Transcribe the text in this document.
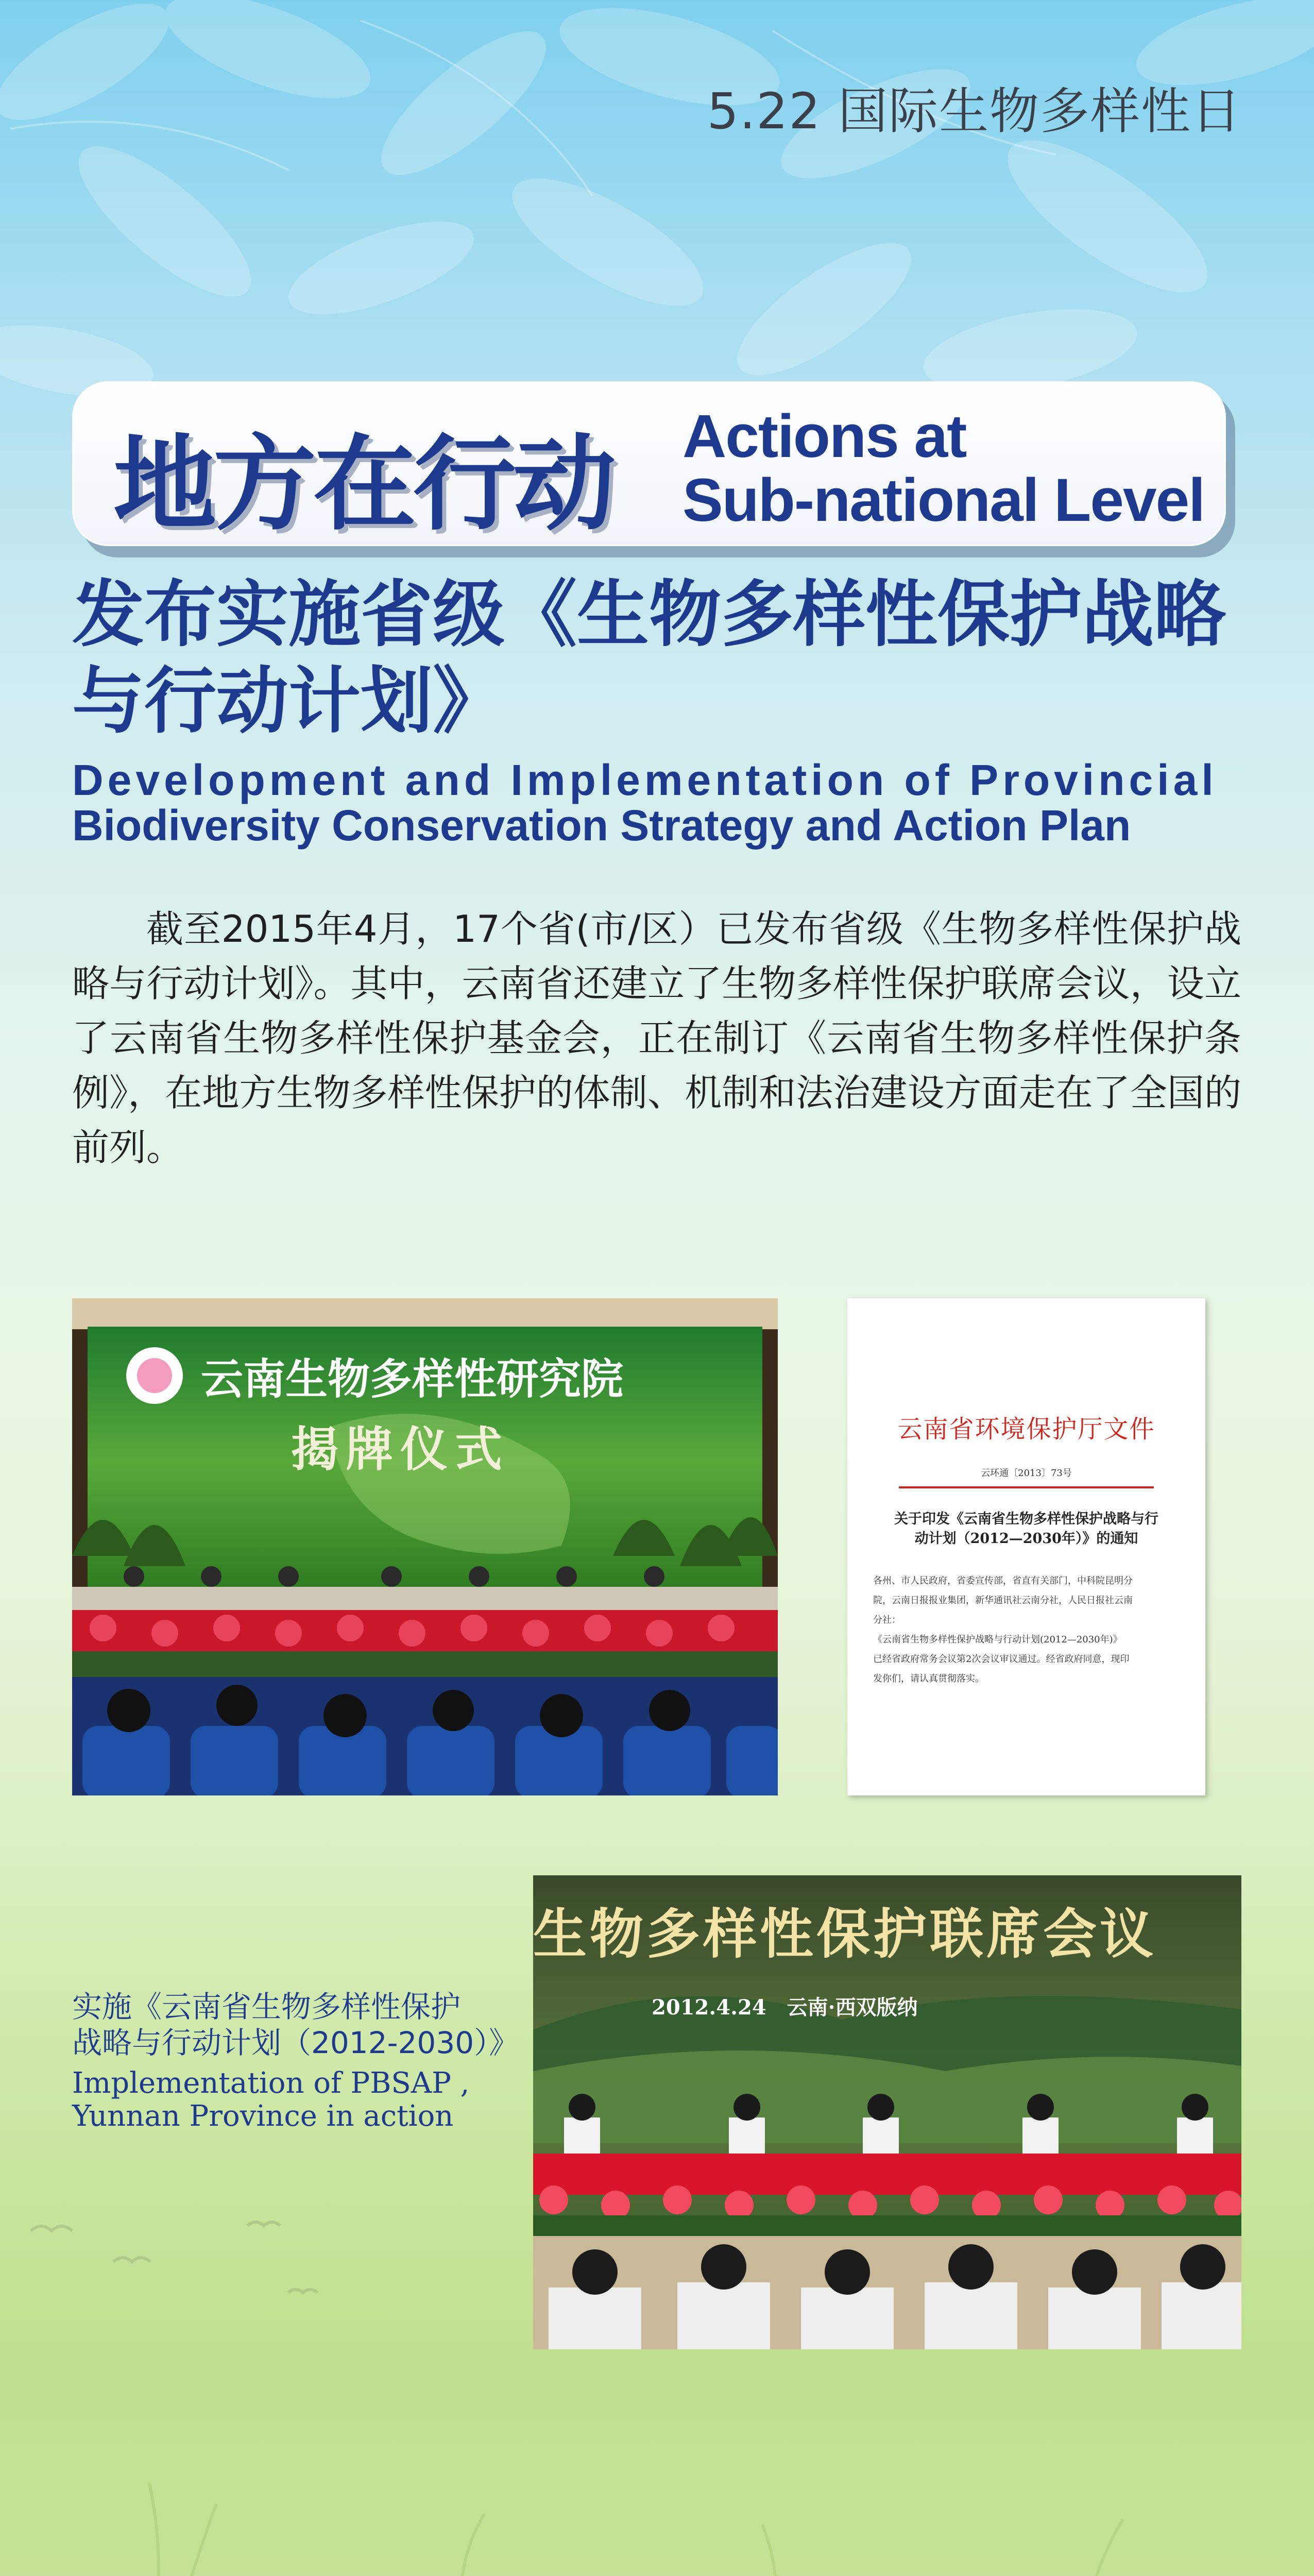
5.22 国际生物多样性日
地方在行动 Actions at
Sub-national Level
发布实施省级《生物多样性保护战略与行动计划》
Development and Implementation of Provincial
Biodiversity Conservation Strategy and Action Plan
截至2015年4月，17个省(市/区）已发布省级《生物多样性保护战略与行动计划》。其中，云南省还建立了生物多样性保护联席会议，设立了云南省生物多样性保护基金会，正在制订《云南省生物多样性保护条例》，在地方生物多样性保护的体制、机制和法治建设方面走在了全国的前列。
云南生物多样性研究院
揭牌仪式	云南省环境保护厅文件
云环通〔2013〕73号
关于印发《云南省生物多样性保护战略与行动计划（2012—2030年）》的通知

各州、市人民政府，省委宣传部，省直有关部门，中科院昆明分

院，云南日报报业集团，新华通讯社云南分社，人民日报社云南

分社：

《云南省生物多样性保护战略与行动计划(2012—2030年)》

已经省政府常务会议第2次会议审议通过。经省政府同意，现印

发你们，请认真贯彻落实。

实施《云南省生物多样性保护
战略与行动计划（2012-2030）》
Implementation of PBSAP ,
Yunnan Province in action
生物多样性保护联席会议
2012.4.24　云南·西双版纳
